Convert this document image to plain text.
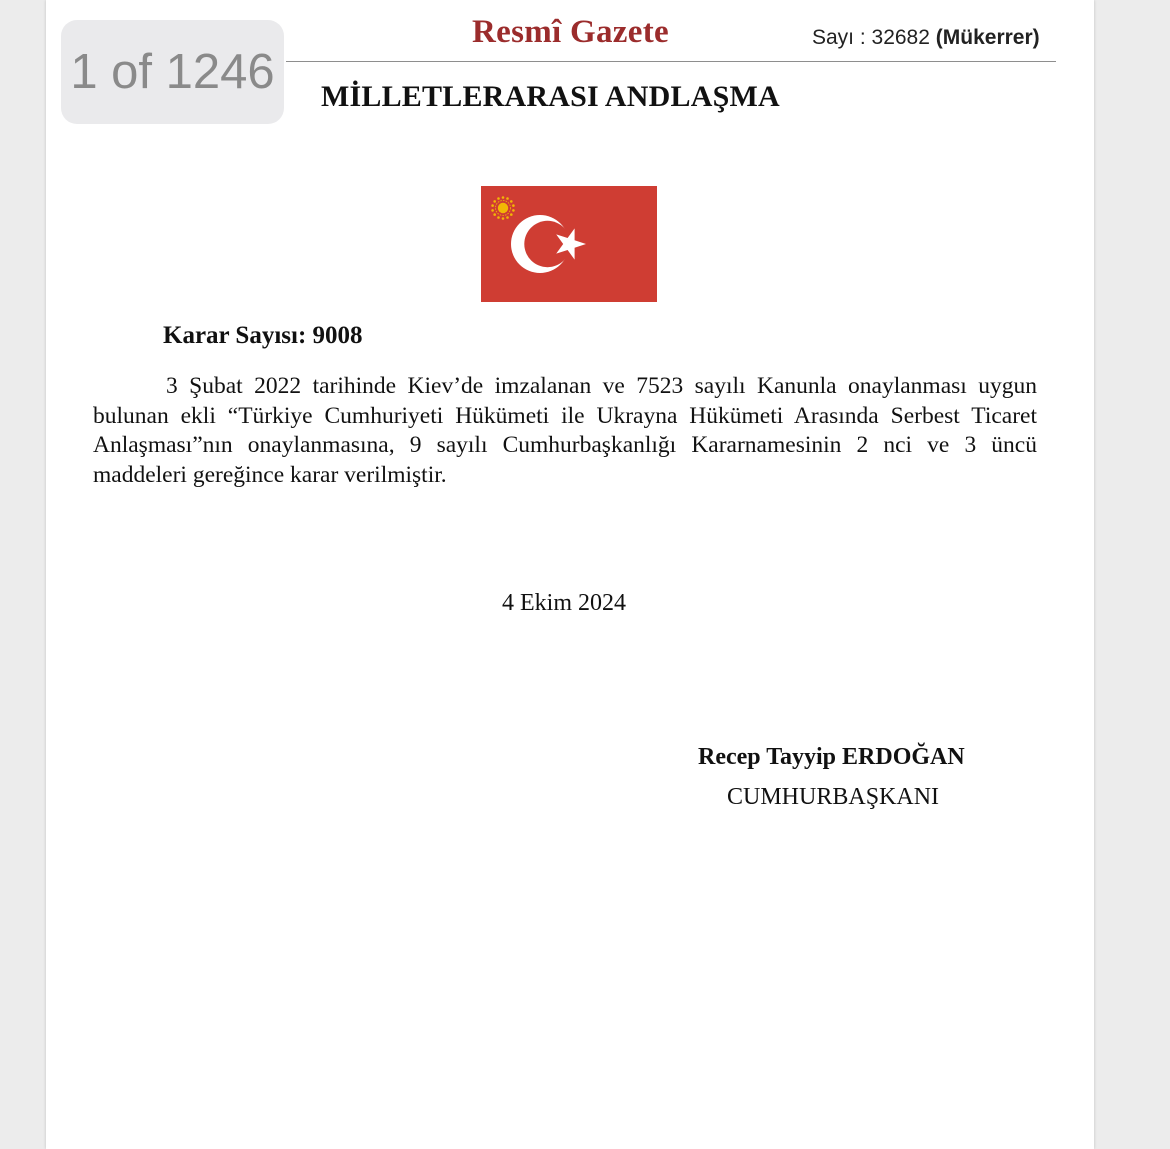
1 of 1246
Resmî Gazete	Sayı : 32682 (Mükerrer)
MİLLETLERARASI ANDLAŞMA
Karar Sayısı: 9008
3 Şubat 2022 tarihinde Kiev’de imzalanan ve 7523 sayılı Kanunla onaylanması uygun bulunan ekli “Türkiye Cumhuriyeti Hükümeti ile Ukrayna Hükümeti Arasında Serbest Ticaret Anlaşması”nın onaylanmasına, 9 sayılı Cumhurbaşkanlığı Kararnamesinin 2 nci ve 3 üncü maddeleri gereğince karar verilmiştir.
4 Ekim 2024
Recep Tayyip ERDOĞAN
CUMHURBAŞKANI
